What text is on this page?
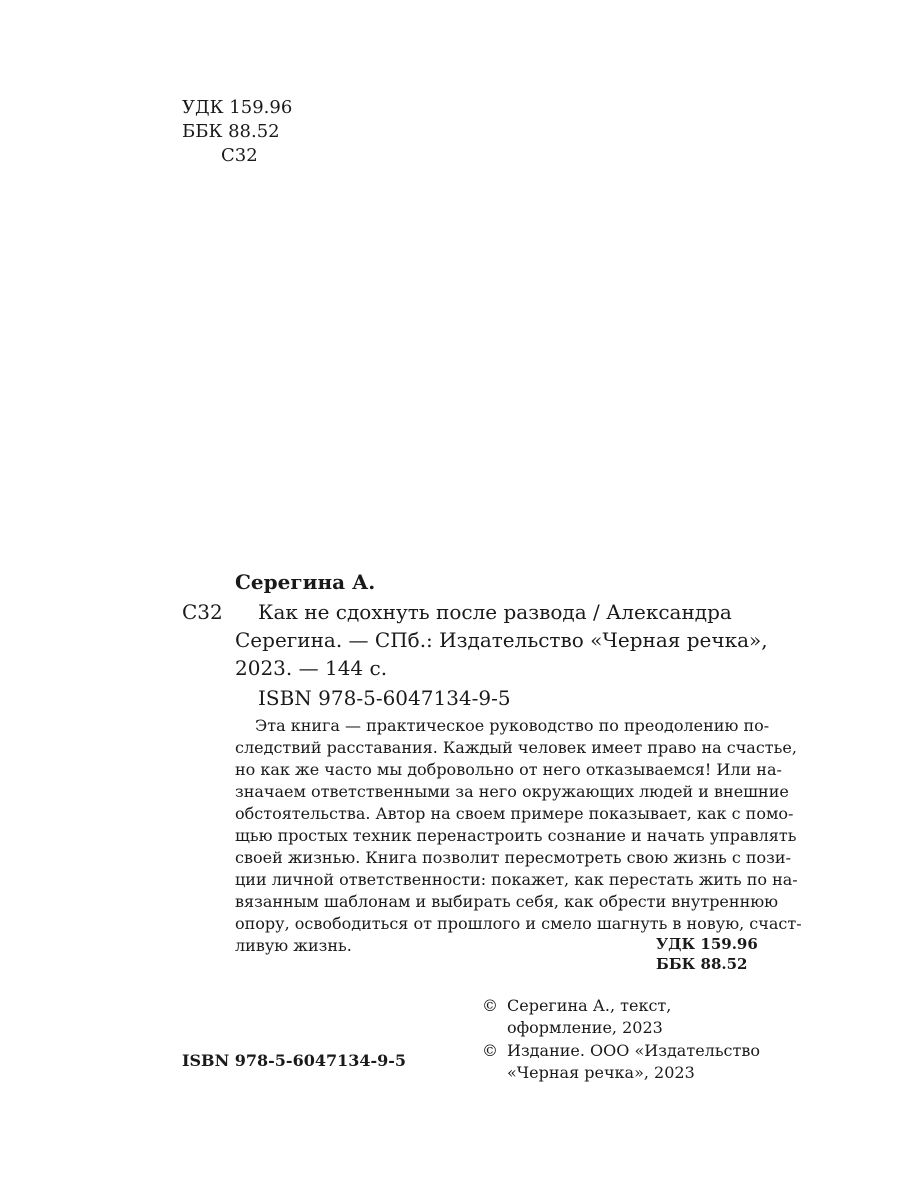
УДК 159.96
ББК 88.52
С32
Серегина А.
С32 Как не сдохнуть после развода / Александра
Серегина. — СПб.: Издательство «Черная речка»,
2023. — 144 с.
ISBN 978-5-6047134-9-5
Эта книга — практическое руководство по преодолению по-
следствий расставания. Каждый человек имеет право на счастье,
но как же часто мы добровольно от него отказываемся! Или на-
значаем ответственными за него окружающих людей и внешние
обстоятельства. Автор на своем примере показывает, как с помо-
щью простых техник перенастроить сознание и начать управлять
своей жизнью. Книга позволит пересмотреть свою жизнь с пози-
ции личной ответственности: покажет, как перестать жить по на-
вязанным шаблонам и выбирать себя, как обрести внутреннюю
опору, освободиться от прошлого и смело шагнуть в новую, счаст-
ливую жизнь.	УДК 159.96
ББК 88.52
© Серегина А., текст,
оформление, 2023
© Издание. ООО «Издательство
«Черная речка», 2023
ISBN 978-5-6047134-9-5
